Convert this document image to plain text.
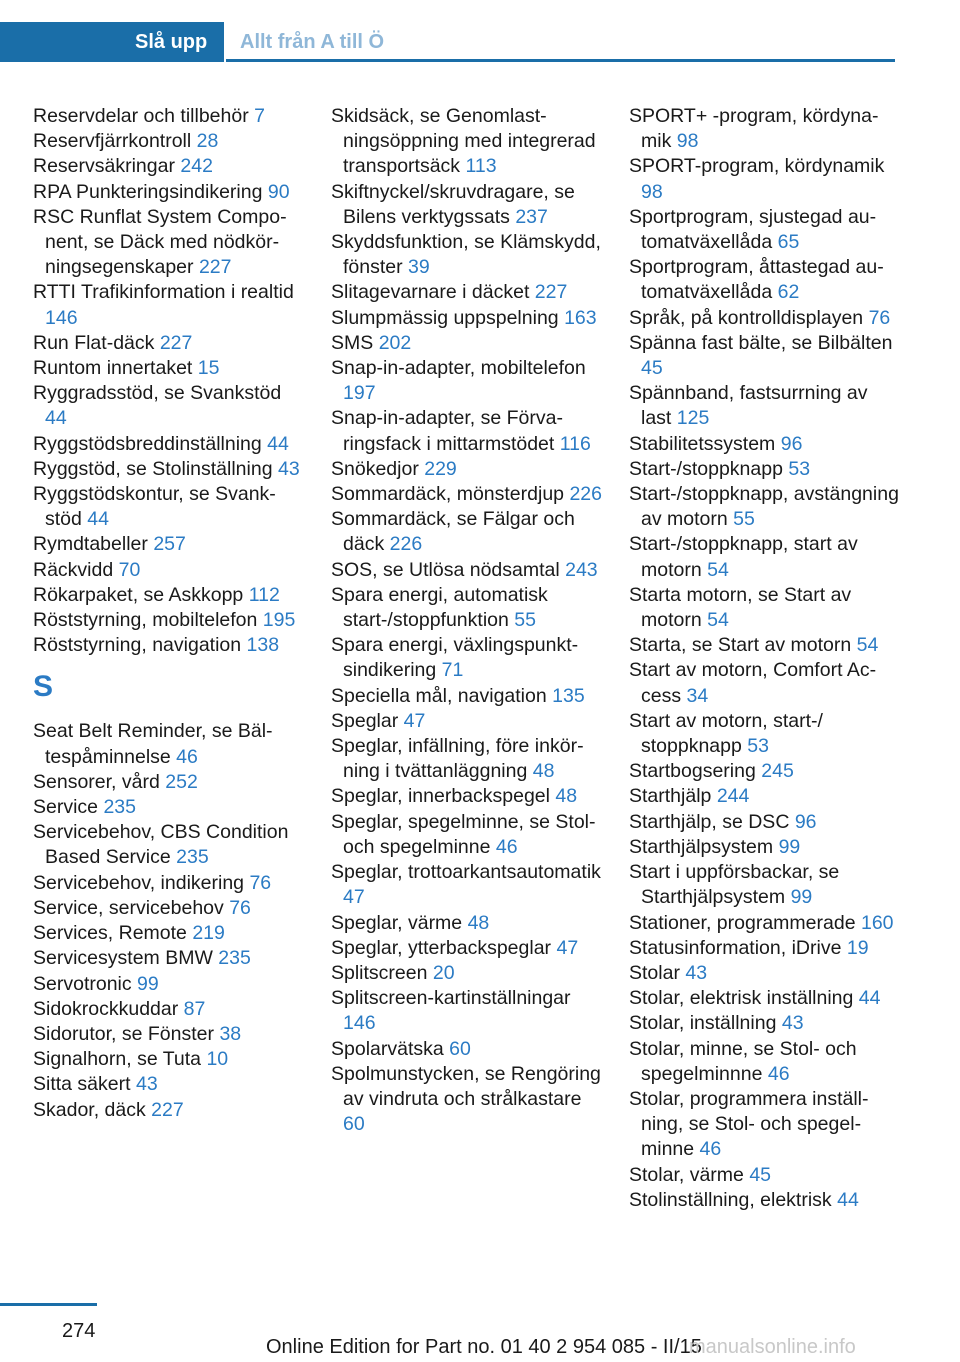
Slå upp Allt från A till Ö
Reservdelar och tillbehör 7
Reservfjärrkontroll 28
Reservsäkringar 242
RPA Punkteringsindikering 90
RSC Runflat System Component, se Däck med nödkörningsegenskaper 227
RTTI Trafikinformation i realtid 146
Run Flat-däck 227
Runtom innertaket 15
Ryggradsstöd, se Svankstöd 44
Ryggstödsbreddinställning 44
Ryggstöd, se Stolinställning 43
Ryggstödskontur, se Svankstöd 44
Rymdtabeller 257
Räckvidd 70
Rökarpaket, se Askkopp 112
Röststyrning, mobiltelefon 195
Röststyrning, navigation 138
S
Seat Belt Reminder, se Bältespåminnelse 46
Sensorer, vård 252
Service 235
Servicebehov, CBS Condition Based Service 235
Servicebehov, indikering 76
Service, servicebehov 76
Services, Remote 219
Servicesystem BMW 235
Servotronic 99
Sidokrockkuddar 87
Sidorutor, se Fönster 38
Signalhorn, se Tuta 10
Sitta säkert 43
Skador, däck 227
Skidsäck, se Genomlastningsöppning med integrerad transportsäck 113
Skiftnyckel/skruvdragare, se Bilens verktygssats 237
Skyddsfunktion, se Klämskydd, fönster 39
Slitagevarnare i däcket 227
Slumpmässig uppspelning 163
SMS 202
Snap-in-adapter, mobiltelefon 197
Snap-in-adapter, se Förvaringsfack i mittarmstödet 116
Snökedjor 229
Sommardäck, mönsterdjup 226
Sommardäck, se Fälgar och däck 226
SOS, se Utlösa nödsamtal 243
Spara energi, automatisk start-/stoppfunktion 55
Spara energi, växlingspunktsindikering 71
Speciella mål, navigation 135
Speglar 47
Speglar, infällning, före inkörning i tvättanläggning 48
Speglar, innerbackspegel 48
Speglar, spegelminne, se Stol- och spegelminne 46
Speglar, trottoarkantsautomatik 47
Speglar, värme 48
Speglar, ytterbackspeglar 47
Splitscreen 20
Splitscreen-kartinställningar 146
Spolarvätska 60
Spolmunstycken, se Rengöring av vindruta och strålkastare 60
SPORT+ -program, kördynamik 98
SPORT-program, kördynamik 98
Sportprogram, sjustegad automatväxellåda 65
Sportprogram, åttastegad automatväxellåda 62
Språk, på kontrolldisplayen 76
Spänna fast bälte, se Bilbälten 45
Spännband, fastsurrning av last 125
Stabilitetssystem 96
Start-/stoppknapp 53
Start-/stoppknapp, avstängning av motorn 55
Start-/stoppknapp, start av motorn 54
Starta motorn, se Start av motorn 54
Starta, se Start av motorn 54
Start av motorn, Comfort Access 34
Start av motorn, start-/ stoppknapp 53
Startbogsering 245
Starthjälp 244
Starthjälp, se DSC 96
Starthjälpsystem 99
Start i uppförsbackar, se Starthjälpsystem 99
Stationer, programmerade 160
Statusinformation, iDrive 19
Stolar 43
Stolar, elektrisk inställning 44
Stolar, inställning 43
Stolar, minne, se Stol- och spegelminnne 46
Stolar, programmera inställning, se Stol- och spegelminne 46
Stolar, värme 45
Stolinställning, elektrisk 44
274
Online Edition for Part no. 01 40 2 954 085 - II/15
manualsonline.info
